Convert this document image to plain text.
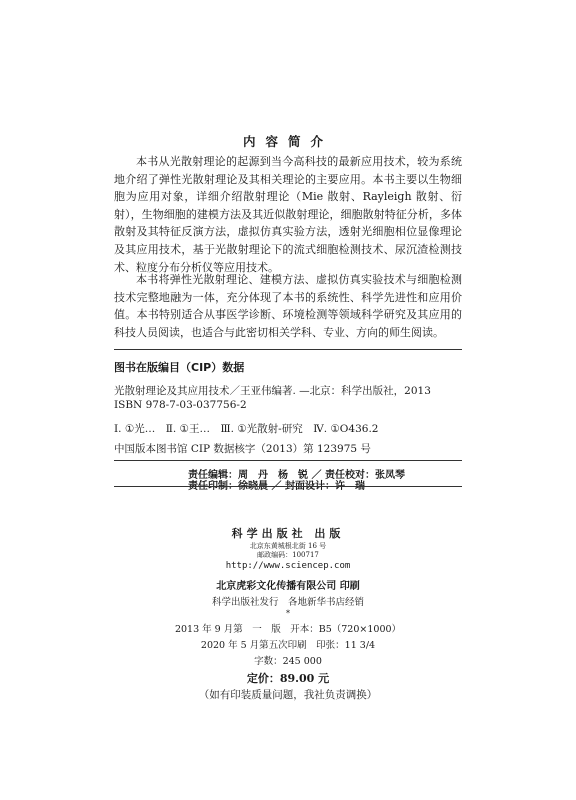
内容简介

本书从光散射理论的起源到当今高科技的最新应用技术，较为系统地介绍了弹性光散射理论及其相关理论的主要应用。本书主要以生物细胞为应用对象，详细介绍散射理论（Mie 散射、Rayleigh 散射、衍射），生物细胞的建模方法及其近似散射理论，细胞散射特征分析，多体散射及其特征反演方法，虚拟仿真实验方法，透射光细胞相位显像理论及其应用技术，基于光散射理论下的流式细胞检测技术、尿沉渣检测技术、粒度分布分析仪等应用技术。

本书将弹性光散射理论、建模方法、虚拟仿真实验技术与细胞检测技术完整地融为一体，充分体现了本书的系统性、科学先进性和应用价值。本书特别适合从事医学诊断、环境检测等领域科学研究及其应用的科技人员阅读，也适合与此密切相关学科、专业、方向的师生阅读。

图书在版编目（CIP）数据
光散射理论及其应用技术／王亚伟编著. —北京：科学出版社，2013
ISBN 978-7-03-037756-2
Ⅰ. ①光…　Ⅱ. ①王…　Ⅲ. ①光散射-研究　Ⅳ. ①O436.2
中国版本图书馆 CIP 数据核字（2013）第 123975 号
责任编辑：周　丹　杨　锐 ／ 责任校对：张凤琴
责任印制：徐晓晨 ／ 封面设计：许　瑞
科学出版社 出版
北京东黄城根北街 16 号
邮政编码：100717
http://www.sciencep.com
北京虎彩文化传播有限公司 印刷
科学出版社发行　各地新华书店经销
*
2013 年 9 月第　一　版　开本：B5（720×1000）
2020 年 5 月第五次印刷　印张：11 3/4
字数：245 000
定价：89.00 元
（如有印装质量问题，我社负责调换）
